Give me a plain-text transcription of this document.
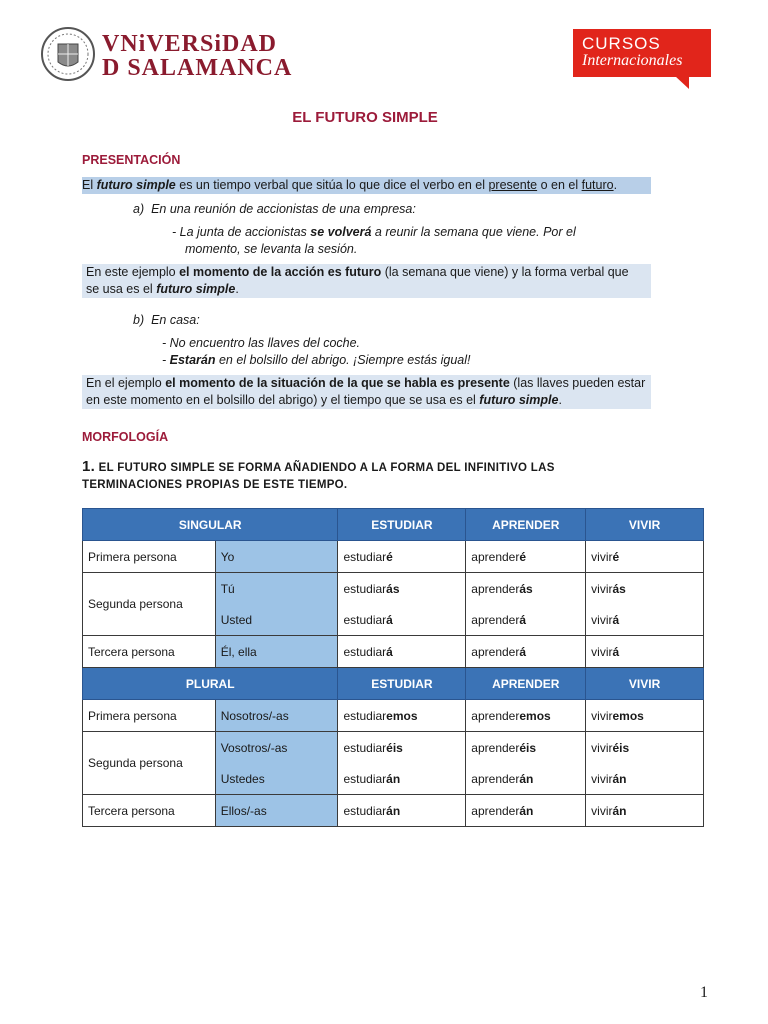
VNiVERSiDAD
D SALAMANCA
CURSOS
Internacionales
EL FUTURO SIMPLE
PRESENTACIÓN
El futuro simple es un tiempo verbal que sitúa lo que dice el verbo en el presente o en el futuro.
a) En una reunión de accionistas de una empresa:
- La junta de accionistas se volverá a reunir la semana que viene. Por el
momento, se levanta la sesión.
En este ejemplo el momento de la acción es futuro (la semana que viene) y la forma verbal que
se usa es el futuro simple.
b) En casa:
- No encuentro las llaves del coche.
- Estarán en el bolsillo del abrigo. ¡Siempre estás igual!
En el ejemplo el momento de la situación de la que se habla es presente (las llaves pueden estar
en este momento en el bolsillo del abrigo) y el tiempo que se usa es el futuro simple.
MORFOLOGÍA
1. EL FUTURO SIMPLE SE FORMA AÑADIENDO A LA FORMA DEL INFINITIVO LAS
TERMINACIONES PROPIAS DE ESTE TIEMPO.
SINGULAR		ESTUDIAR	APRENDER	VIVIR
Primera persona	Yo	estudiaré	aprenderé	viviré
Segunda persona	Tú	estudiarás	aprenderás	vivirás
	Usted	estudiará	aprenderá	vivirá
Tercera persona	Él, ella	estudiará	aprenderá	vivirá
PLURAL		ESTUDIAR	APRENDER	VIVIR
Primera persona	Nosotros/-as	estudiaremos	aprenderemos	viviremos
Segunda persona	Vosotros/-as	estudiaréis	aprenderéis	viviréis
	Ustedes	estudiarán	aprenderán	vivirán
Tercera persona	Ellos/-as	estudiarán	aprenderán	vivirán
1
